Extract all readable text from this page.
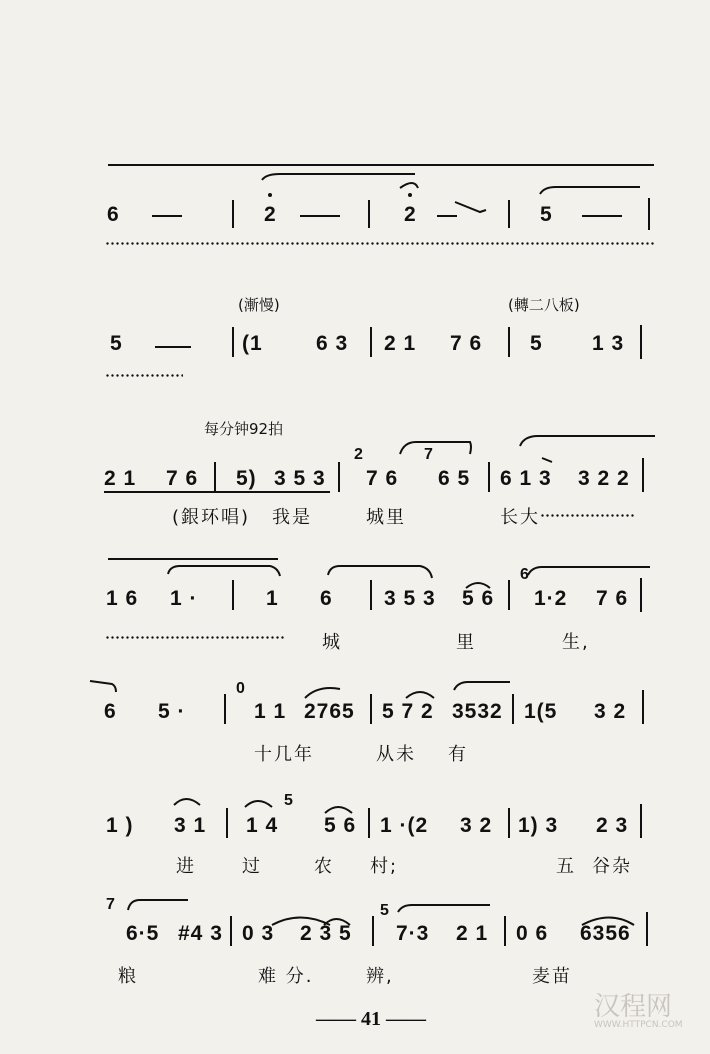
6	2	2	5
(漸慢)	(轉二八板)
5	(1	6 3 2 1 7 6 5 1 3
每分钟92拍
2 1 7 6 5) 3 5 3
2
7 6
7
6 5 6 1 3 3 2 2
(銀环唱) 我是	城里	长大
1 6 1 ·	1 6 3 5 3 5 6
6
1·2 7 6
城	里	生,
6 5 ·
0
1 1 2765 5 7 2 3532 1(5 3 2
十几年	从未 有
1 ) 3 1 1 4
5
5 6 1 ·(2 3 2 1) 3 2 3
进	过	农 村;	五 谷杂
7
6·5 #4 3 0 3 2 3 5
5
7·3 2 1 0 6 6356
粮	难 分.	辨,	麦苗
—— 41 ——	汉程网
WWW.HTTPCN.COM
